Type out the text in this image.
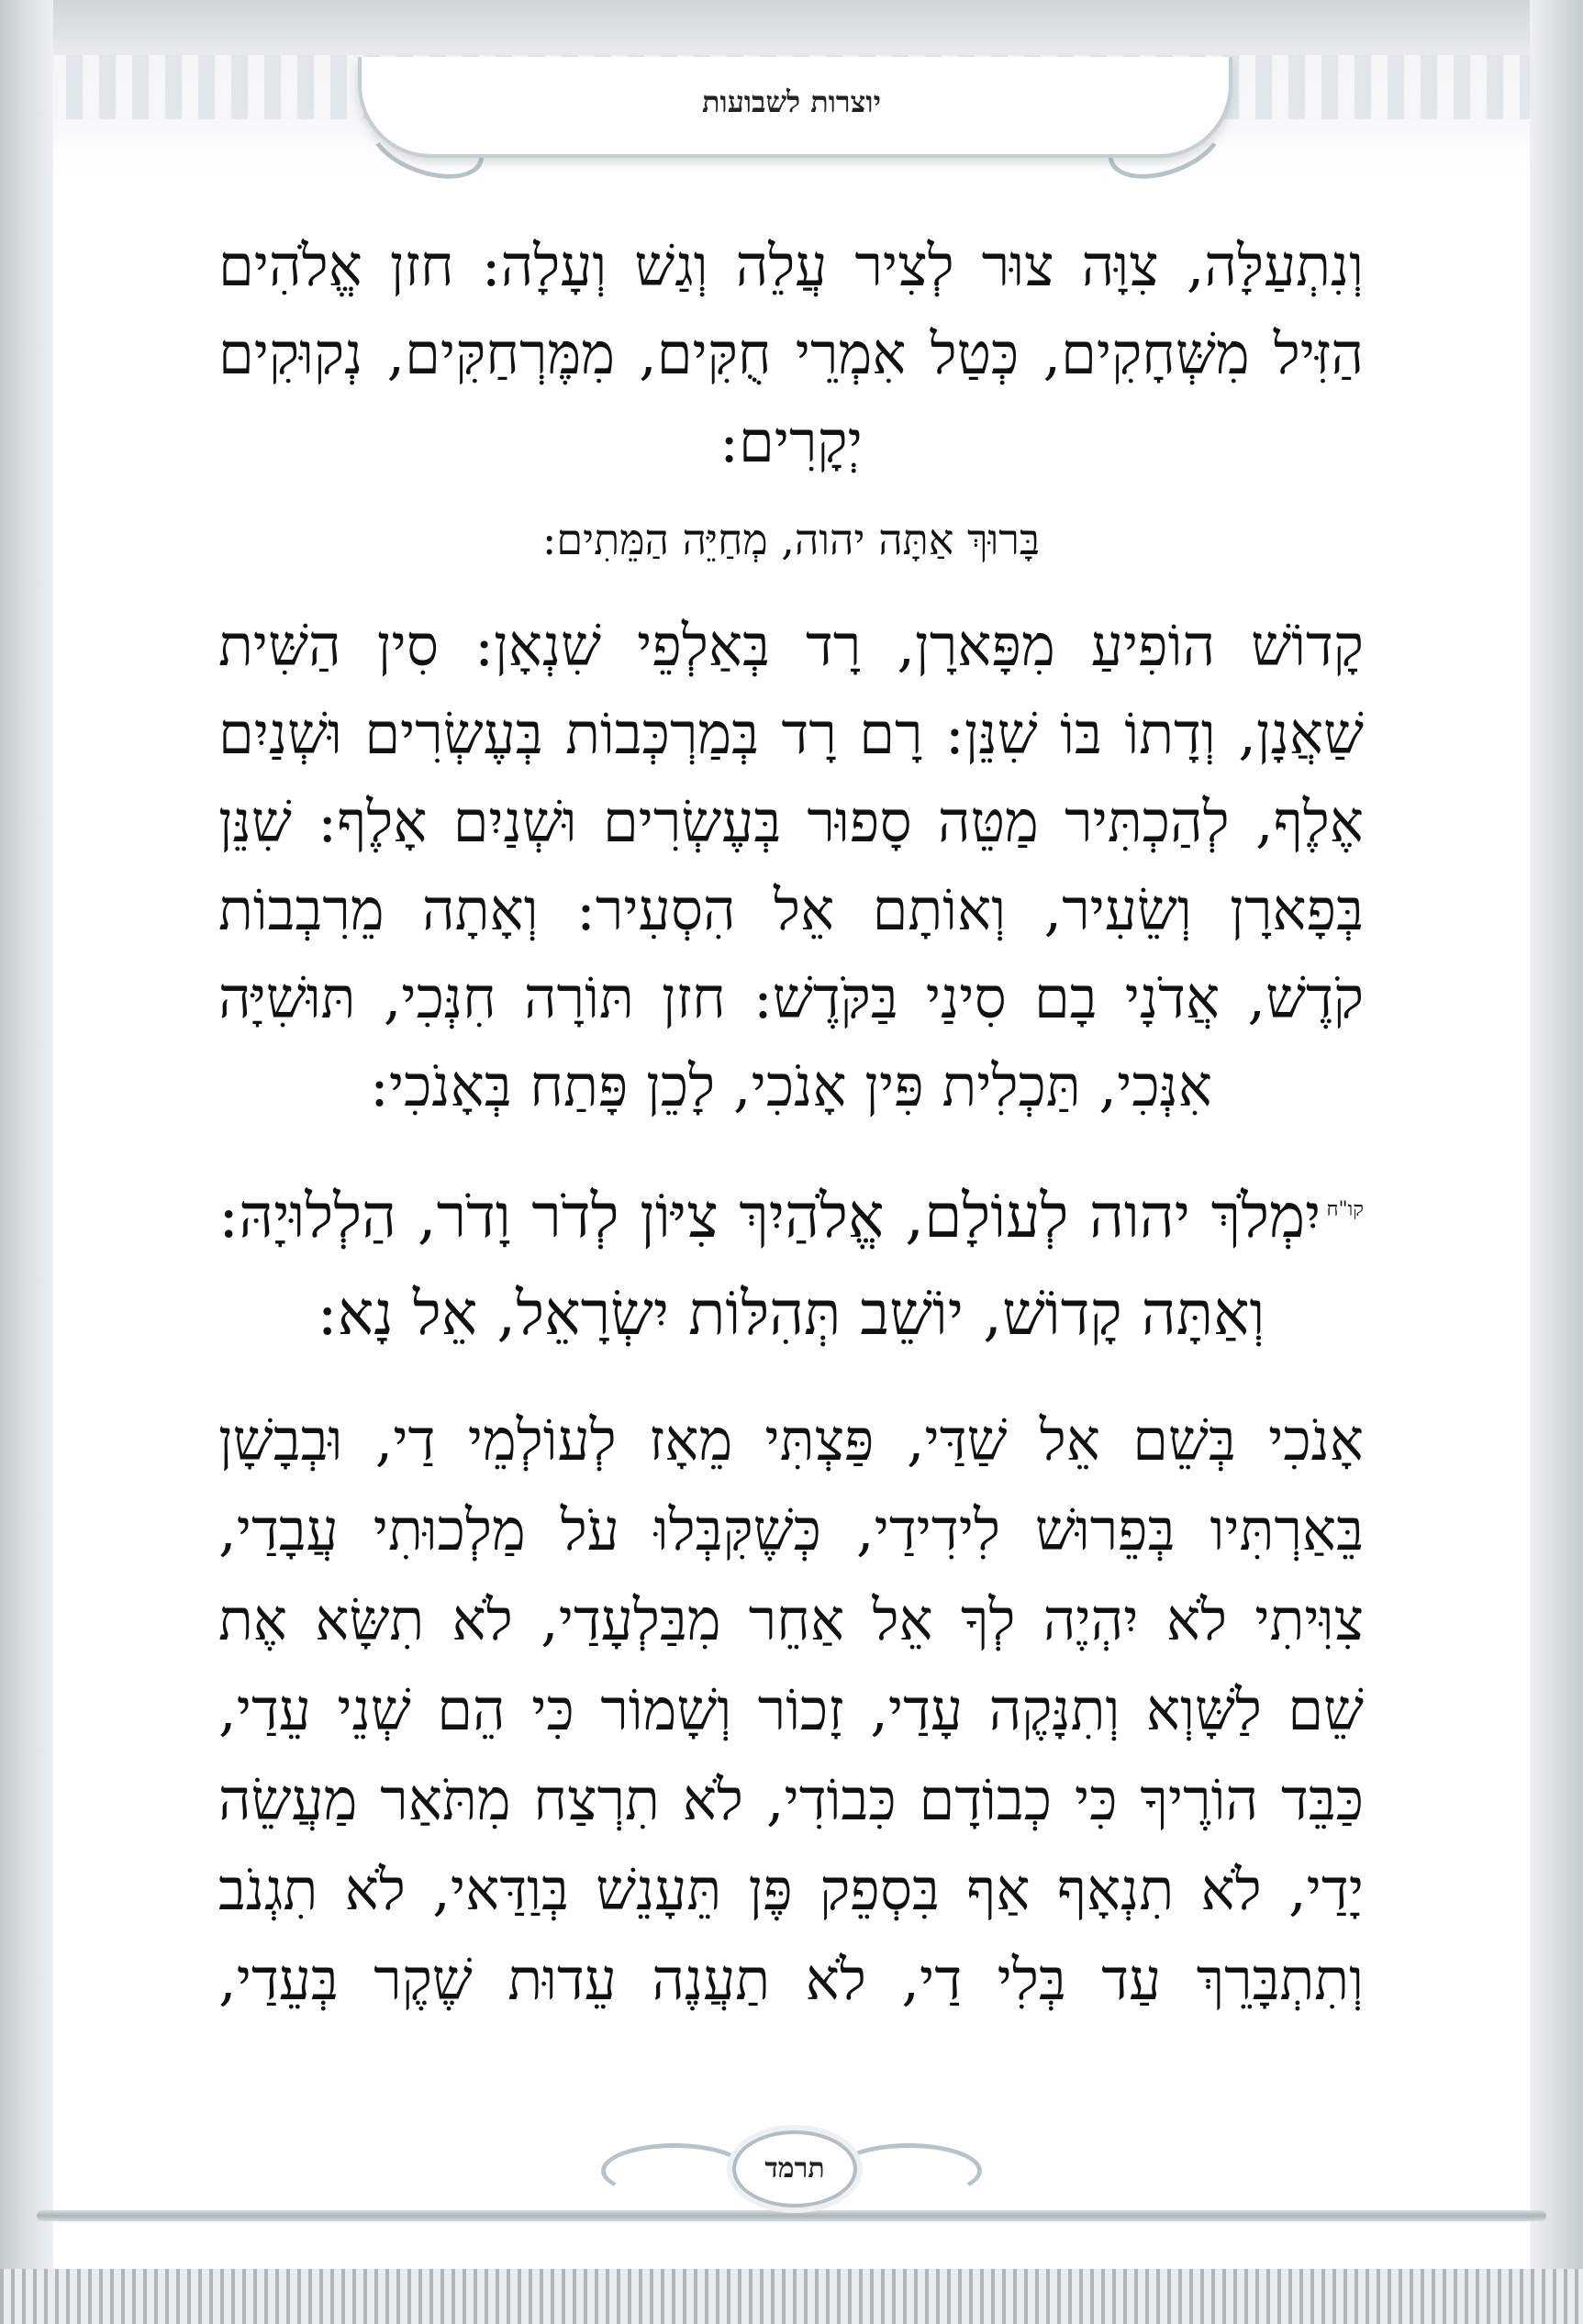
יוצרות לשבועות

וְנִתְעַלָּה, צִוָּה צוּר לְצִיר עֲלֵה וְגַשׁ וְעָלָה: חזן אֱלֹהִים הַזִּיל מִשְּׁחָקִים, כְּטַל אִמְרֵי חֻקִּים, מִמֶּרְחַקִּים, נְקוּקִים יְקָרִים:

בָּרוּךְ אַתָּה יהוה, מְחַיֵּה הַמֵּתִים:

קָדוֹשׁ הוֹפִיעַ מִפָּארָן, רָד בְּאַלְפֵי שִׁנְאָן: סִין הַשִּׁית שַׁאֲנָן, וְדָתוֹ בּוֹ שִׁנֵּן: רָם רָד בְּמַרְכְּבוֹת בְּעֶשְׂרִים וּשְׁנַיִם אֶלֶף, לְהַכְתִּיר מַטֵּה סָפוּר בְּעֶשְׂרִים וּשְׁנַיִם אָלֶף: שִׁנֵּן בְּפָארָן וְשֵׂעִיר, וְאוֹתָם אֵל הִסְעִיר: וְאָתָה מֵרִבְבוֹת קֹדֶשׁ, אֲדֹנָי בָם סִינַי בַּקֹּדֶשׁ: חזן תּוֹרָה חִנְּכִי, תּוּשִׁיָּה אִנְּכִי, תַּכְלִית פִּין אָנֹכִי, לָכֵן פָּתַח בְּאָנֹכִי:

$^{קו"ח}$יִמְלֹךְ יהוה לְעוֹלָם, אֱלֹהַיִךְ צִיּוֹן לְדֹר וָדֹר, הַלְלוּיָהּ: וְאַתָּה קָדוֹשׁ, יוֹשֵׁב תְּהִלּוֹת יִשְׂרָאֵל, אֵל נָא:

אָנֹכִי בְּשֵׁם אֵל שַׁדַּי, פַּצְתִּי מֵאָז לְעוֹלְמֵי דַי, וּבְבָשָׁן בֵּאַרְתִּיו בְּפֵרוּשׁ לִידִידַי, כְּשֶׁקִּבְּלוּ עֹל מַלְכוּתִי עֲבָדַי, צִוִּיתִי לֹא יִהְיֶה לְךָ אֵל אַחֵר מִבַּלְעָדַי, לֹא תִשָּׂא אֶת שֵׁם לַשָּׁוְא וְתִנָּקֶה עָדַי, זָכוֹר וְשָׁמוֹר כִּי הֵם שְׁנֵי עֵדַי, כַּבֵּד הוֹרֶיךָ כִּי כְבוֹדָם כִּבוֹדִי, לֹא תִרְצַח מִתֹּאַר מַעֲשֵׂה יָדַי, לֹא תִנְאָף אַף בִּסְפֵק פֶּן תֵּעָנֵשׁ בְּוַדַּאי, לֹא תִגְנֹב וְתִתְבָּרֵךְ עַד בְּלִי דַי, לֹא תַעֲנֶה עֵדוּת שֶׁקֶר בְּעֵדַי,

תרמד
